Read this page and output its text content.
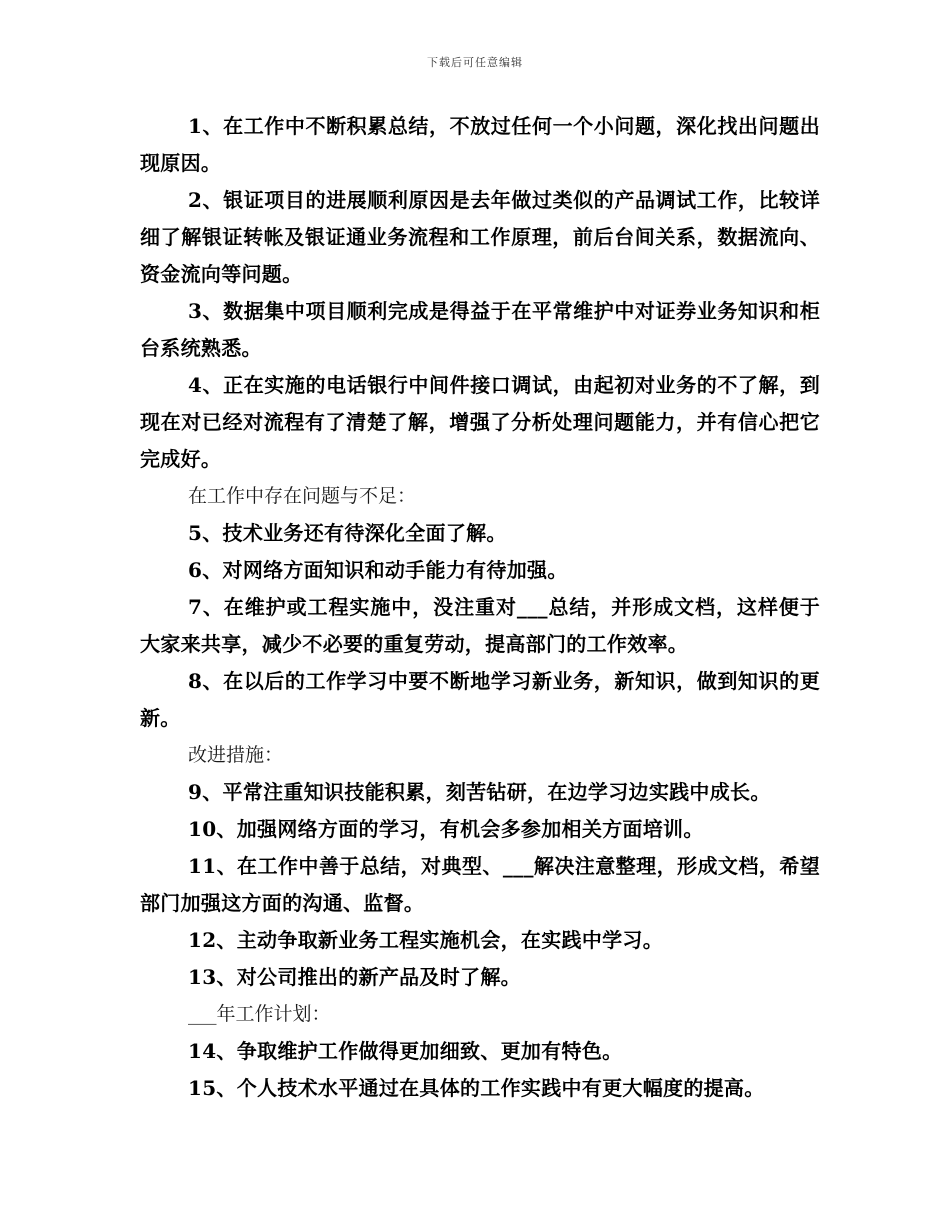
下载后可任意编辑

1、在工作中不断积累总结，不放过任何一个小问题，深化找出问题出现原因。

2、银证项目的进展顺利原因是去年做过类似的产品调试工作，比较详细了解银证转帐及银证通业务流程和工作原理，前后台间关系，数据流向、资金流向等问题。

3、数据集中项目顺利完成是得益于在平常维护中对证券业务知识和柜台系统熟悉。

4、正在实施的电话银行中间件接口调试，由起初对业务的不了解，到现在对已经对流程有了清楚了解，增强了分析处理问题能力，并有信心把它完成好。

在工作中存在问题与不足：

5、技术业务还有待深化全面了解。

6、对网络方面知识和动手能力有待加强。

7、在维护或工程实施中，没注重对___总结，并形成文档，这样便于大家来共享，减少不必要的重复劳动，提高部门的工作效率。

8、在以后的工作学习中要不断地学习新业务，新知识，做到知识的更新。

改进措施：

9、平常注重知识技能积累，刻苦钻研，在边学习边实践中成长。

10、加强网络方面的学习，有机会多参加相关方面培训。

11、在工作中善于总结，对典型、___解决注意整理，形成文档，希望部门加强这方面的沟通、监督。

12、主动争取新业务工程实施机会，在实践中学习。

13、对公司推出的新产品及时了解。

___年工作计划：

14、争取维护工作做得更加细致、更加有特色。

15、个人技术水平通过在具体的工作实践中有更大幅度的提高。
